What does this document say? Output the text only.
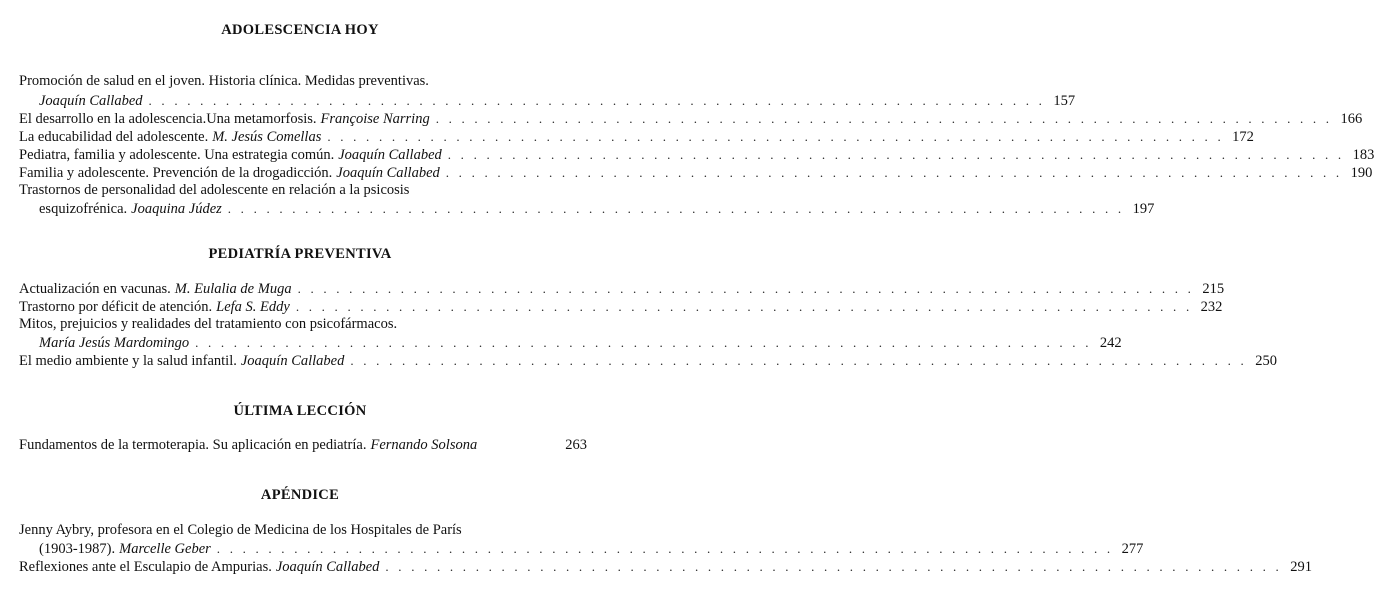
ADOLESCENCIA HOY
Promoción de salud en el joven. Historia clínica. Medidas preventivas.
Joaquín Callabed . . . . . . . . . . . . . . . . . . . . . . . . . . . . . . . . . . . . . . . . . . . . . . . . . . . . . . . . . . . . . . . . . . . . . . 157
El desarrollo en la adolescencia.Una metamorfosis. Françoise Narring . . . . . . . . . . . . . . . . . . . . . . . . . . . . . . . . . . . . . . . . . . . . . . . . . . . . . . . . . . . . . . . . . . . . . . 166
La educabilidad del adolescente. M. Jesús Comellas . . . . . . . . . . . . . . . . . . . . . . . . . . . . . . . . . . . . . . . . . . . . . . . . . . . . . . . . . . . . . . . . . . . . . . 172
Pediatra, familia y adolescente. Una estrategia común. Joaquín Callabed . . . . . . . . . . . . . . . . . . . . . . . . . . . . . . . . . . . . . . . . . . . . . . . . . . . . . . . . . . . . . . . . . . . . . . 183
Familia y adolescente. Prevención de la drogadicción. Joaquín Callabed . . . . . . . . . . . . . . . . . . . . . . . . . . . . . . . . . . . . . . . . . . . . . . . . . . . . . . . . . . . . . . . . . . . . . . 190
Trastornos de personalidad del adolescente en relación a la psicosis
esquizofrénica. Joaquina Júdez . . . . . . . . . . . . . . . . . . . . . . . . . . . . . . . . . . . . . . . . . . . . . . . . . . . . . . . . . . . . . . . . . . . . . . 197
PEDIATRÍA PREVENTIVA
Actualización en vacunas. M. Eulalia de Muga . . . . . . . . . . . . . . . . . . . . . . . . . . . . . . . . . . . . . . . . . . . . . . . . . . . . . . . . . . . . . . . . . . . . . . 215
Trastorno por déficit de atención. Lefa S. Eddy . . . . . . . . . . . . . . . . . . . . . . . . . . . . . . . . . . . . . . . . . . . . . . . . . . . . . . . . . . . . . . . . . . . . . . 232
Mitos, prejuicios y realidades del tratamiento con psicofármacos.
María Jesús Mardomingo . . . . . . . . . . . . . . . . . . . . . . . . . . . . . . . . . . . . . . . . . . . . . . . . . . . . . . . . . . . . . . . . . . . . . . 242
El medio ambiente y la salud infantil. Joaquín Callabed . . . . . . . . . . . . . . . . . . . . . . . . . . . . . . . . . . . . . . . . . . . . . . . . . . . . . . . . . . . . . . . . . . . . . . 250
ÚLTIMA LECCIÓN
Fundamentos de la termoterapia. Su aplicación en pediatría. Fernando Solsona	263
APÉNDICE
Jenny Aybry, profesora en el Colegio de Medicina de los Hospitales de París
(1903-1987). Marcelle Geber . . . . . . . . . . . . . . . . . . . . . . . . . . . . . . . . . . . . . . . . . . . . . . . . . . . . . . . . . . . . . . . . . . . . . . 277
Reflexiones ante el Esculapio de Ampurias. Joaquín Callabed . . . . . . . . . . . . . . . . . . . . . . . . . . . . . . . . . . . . . . . . . . . . . . . . . . . . . . . . . . . . . . . . . . . . . . 291
